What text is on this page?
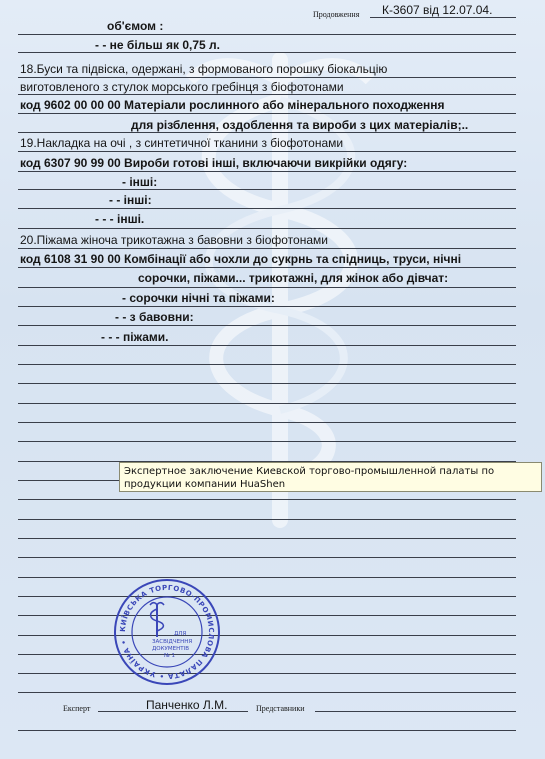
Продовження К-3607 від 12.07.04.
об'ємом :
- - не більш як 0,75 л.
18.Буси та підвіска, одержані, з формованого порошку біокальцію
виготовленого з стулок морського гребінця з біофотонами
код 9602 00 00 00 Матеріали рослинного або мінерального походження
для різблення, оздоблення та вироби з цих матеріалів;..
19.Накладка на очі , з синтетичної тканини з біофотонами
код 6307 90 99 00 Вироби готові інші, включаючи викрійки одягу:
- інші:
- - інші:
- - - інші.
20.Піжама жіноча трикотажна з бавовни з біофотонами
код 6108 31 90 00 Комбінації або чохли до сукрнь та спідниць, труси, нічні
сорочки, піжами... трикотажні, для жінок або дівчат:
- сорочки нічні та піжами:
- - з бавовни:
- - - піжами.
КИЇВСЬКА ТОРГОВО-ПРОМИСЛОВА ПАЛАТА • УКРАЇНА •
ДЛЯ
ЗАСВІДЧЕННЯ
ДОКУМЕНТІВ
№ 1
Експерт	Панченко Л.М.	Представники
Экспертное заключение Киевской торгово-промышленной палаты по продукции компании HuaShen
